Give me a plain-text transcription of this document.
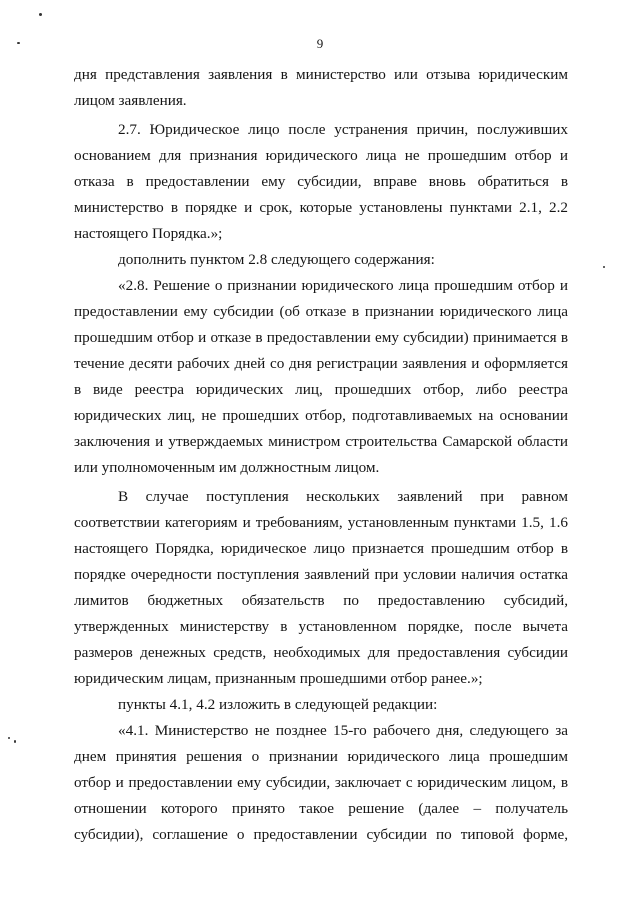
9
дня представления заявления в министерство или отзыва юридическим
лицом заявления.
2.7. Юридическое лицо после устранения причин, послуживших
основанием для признания юридического лица не прошедшим отбор и
отказа в предоставлении ему субсидии, вправе вновь обратиться в
министерство в порядке и срок, которые установлены пунктами 2.1, 2.2
настоящего Порядка.»;
дополнить пунктом 2.8 следующего содержания:
«2.8. Решение о признании юридического лица прошедшим отбор и
предоставлении ему субсидии (об отказе в признании юридического лица
прошедшим отбор и отказе в предоставлении ему субсидии) принимается в
течение десяти рабочих дней со дня регистрации заявления и оформляется
в виде реестра юридических лиц, прошедших отбор, либо реестра
юридических лиц, не прошедших отбор, подготавливаемых на основании
заключения и утверждаемых министром строительства Самарской области
или уполномоченным им должностным лицом.
В случае поступления нескольких заявлений при равном
соответствии категориям и требованиям, установленным пунктами 1.5, 1.6
настоящего Порядка, юридическое лицо признается прошедшим отбор в
порядке очередности поступления заявлений при условии наличия остатка
лимитов бюджетных обязательств по предоставлению субсидий,
утвержденных министерству в установленном порядке, после вычета
размеров денежных средств, необходимых для предоставления субсидии
юридическим лицам, признанным прошедшими отбор ранее.»;
пункты 4.1, 4.2 изложить в следующей редакции:
«4.1. Министерство не позднее 15-го рабочего дня, следующего за
днем принятия решения о признании юридического лица прошедшим
отбор и предоставлении ему субсидии, заключает с юридическим лицом, в
отношении которого принято такое решение (далее – получатель
субсидии), соглашение о предоставлении субсидии по типовой форме,
